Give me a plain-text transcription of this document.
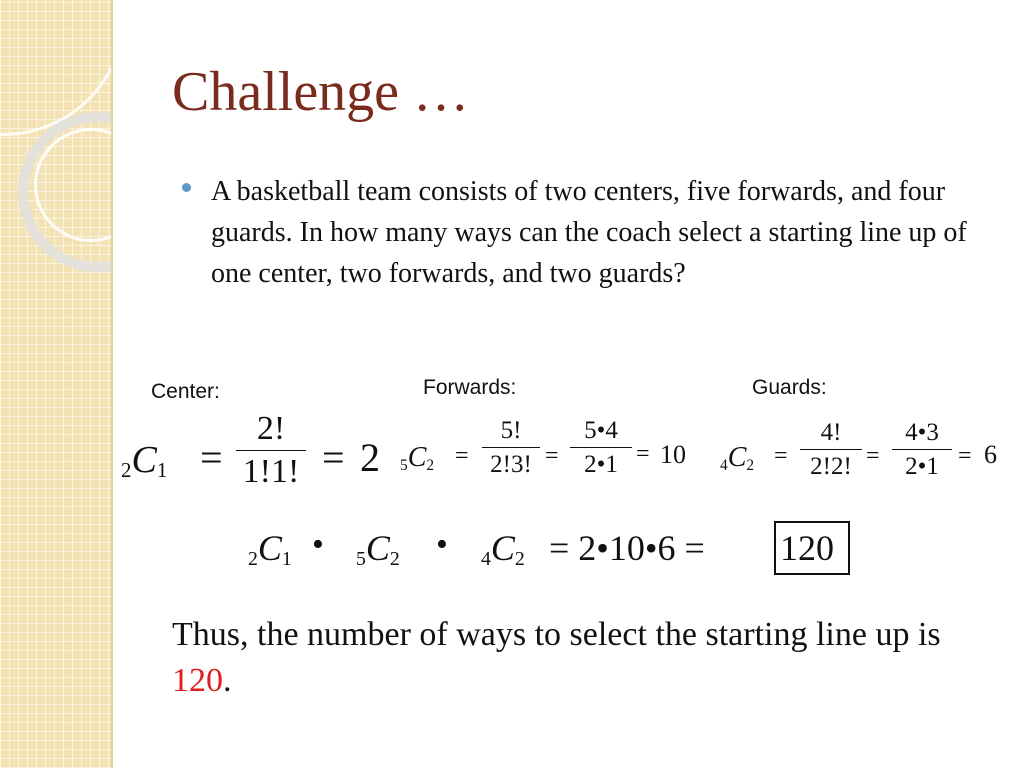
Challenge …

A basketball team consists of two centers, five forwards, and four guards. In how many ways can the coach select a starting line up of one center, two forwards, and two guards?

Center:	Forwards:	Guards:
2C1 =
2!
1!1! = 2 5C2 =
5!
2!3! =
5•4
2•1 = 10 4C2 =
4!
2!2! =
4•3
2•1 = 6
2C1 • 5C2 • 4C2 = 2•10•6 = 120

Thus, the number of ways to select the starting line up is 120.
